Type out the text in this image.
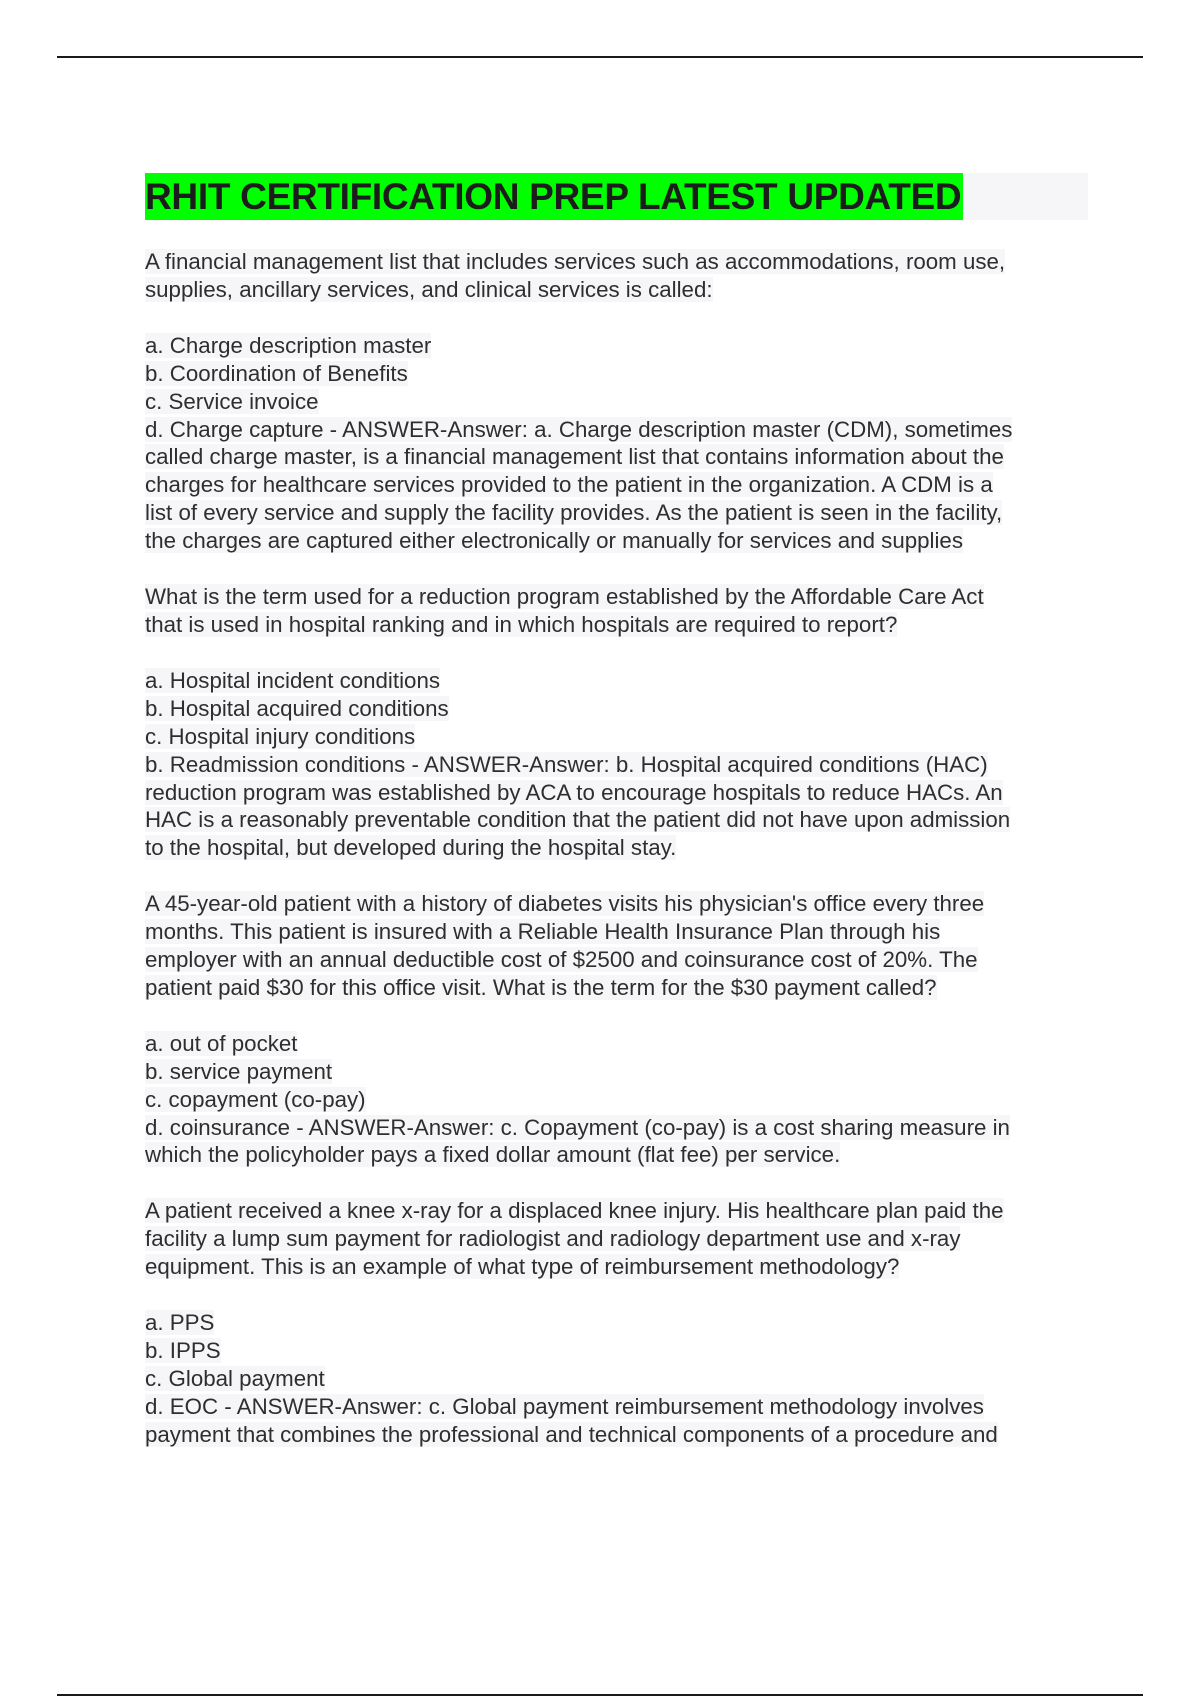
RHIT CERTIFICATION PREP LATEST UPDATED
A financial management list that includes services such as accommodations, room use,
supplies, ancillary services, and clinical services is called:
a. Charge description master
b. Coordination of Benefits
c. Service invoice
d. Charge capture - ANSWER-Answer: a. Charge description master (CDM), sometimes
called charge master, is a financial management list that contains information about the
charges for healthcare services provided to the patient in the organization. A CDM is a
list of every service and supply the facility provides. As the patient is seen in the facility,
the charges are captured either electronically or manually for services and supplies
What is the term used for a reduction program established by the Affordable Care Act
that is used in hospital ranking and in which hospitals are required to report?
a. Hospital incident conditions
b. Hospital acquired conditions
c. Hospital injury conditions
b. Readmission conditions - ANSWER-Answer: b. Hospital acquired conditions (HAC)
reduction program was established by ACA to encourage hospitals to reduce HACs. An
HAC is a reasonably preventable condition that the patient did not have upon admission
to the hospital, but developed during the hospital stay.
A 45-year-old patient with a history of diabetes visits his physician's office every three
months. This patient is insured with a Reliable Health Insurance Plan through his
employer with an annual deductible cost of $2500 and coinsurance cost of 20%. The
patient paid $30 for this office visit. What is the term for the $30 payment called?
a. out of pocket
b. service payment
c. copayment (co-pay)
d. coinsurance - ANSWER-Answer: c. Copayment (co-pay) is a cost sharing measure in
which the policyholder pays a fixed dollar amount (flat fee) per service.
A patient received a knee x-ray for a displaced knee injury. His healthcare plan paid the
facility a lump sum payment for radiologist and radiology department use and x-ray
equipment. This is an example of what type of reimbursement methodology?
a. PPS
b. IPPS
c. Global payment
d. EOC - ANSWER-Answer: c. Global payment reimbursement methodology involves
payment that combines the professional and technical components of a procedure and
